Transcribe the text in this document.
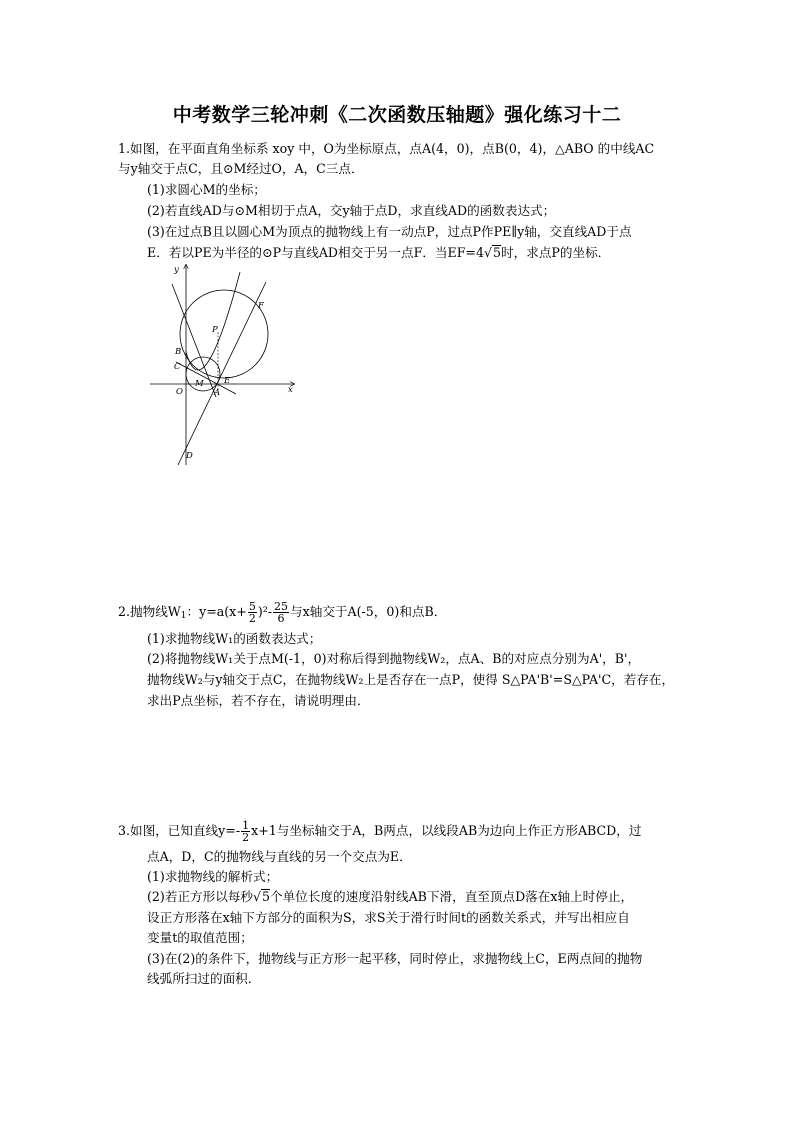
中考数学三轮冲刺《二次函数压轴题》强化练习十二
1.如图，在平面直角坐标系 xoy 中，O为坐标原点，点A(4，0)，点B(0，4)，△ABO 的中线AC
与y轴交于点C，且⊙M经过O，A，C三点．
(1)求圆心M的坐标；
(2)若直线AD与⊙M相切于点A，交y轴于点D，求直线AD的函数表达式；
(3)在过点B且以圆心M为顶点的抛物线上有一动点P，过点P作PE∥y轴，交直线AD于点
E．若以PE为半径的⊙P与直线AD相交于另一点F．当EF=4√5时，求点P的坐标．
y
x
B
C
O
M
A
E
P
F
D
2.抛物线$W_1$：$y=a(x+ \frac{5}{2} )^2- \frac{25}{6}$ 与x轴交于A(-5，0)和点B．
(1)求抛物线W₁的函数表达式；
(2)将抛物线W₁关于点M(-1，0)对称后得到抛物线W₂，点A、B的对应点分别为A'，B'，
抛物线W₂与y轴交于点C，在抛物线W₂上是否存在一点P，使得 S△PA'B'=S△PA'C，若存在，
求出P点坐标，若不存在，请说明理由．
3.如图，已知直线$y=- \frac{1}{2} x+1$与坐标轴交于A，B两点，以线段AB为边向上作正方形ABCD，过
点A，D，C的抛物线与直线的另一个交点为E．
(1)求抛物线的解析式；
(2)若正方形以每秒√5个单位长度的速度沿射线AB下滑，直至顶点D落在x轴上时停止，
设正方形落在x轴下方部分的面积为S，求S关于滑行时间t的函数关系式，并写出相应自
变量t的取值范围；
(3)在(2)的条件下，抛物线与正方形一起平移，同时停止，求抛物线上C，E两点间的抛物
线弧所扫过的面积．
